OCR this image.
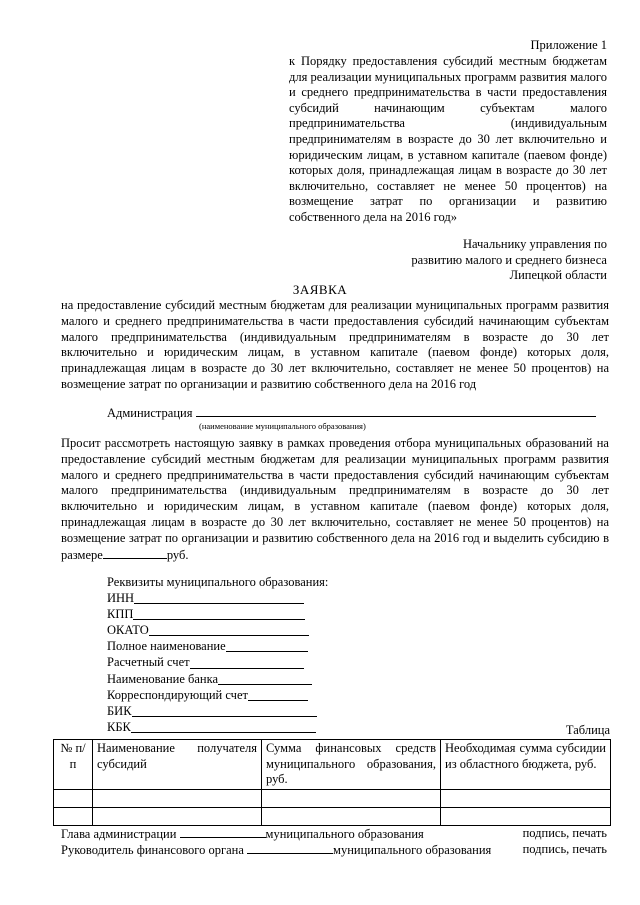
Приложение 1
к Порядку предоставления субсидий местным бюджетам для реализации муниципальных программ развития малого и среднего предпринимательства в части предоставления субсидий начинающим субъектам малого предпринимательства (индивидуальным предпринимателям в возрасте до 30 лет включительно и юридическим лицам, в уставном капитале (паевом фонде) которых доля, принадлежащая лицам в возрасте до 30 лет включительно, составляет не менее 50 процентов) на возмещение затрат по организации и развитию собственного дела на 2016 год»
Начальнику управления по
развитию малого и среднего бизнеса
Липецкой области
ЗАЯВКА
на предоставление субсидий местным бюджетам для реализации муниципальных программ развития малого и среднего предпринимательства в части предоставления субсидий начинающим субъектам малого предпринимательства (индивидуальным предпринимателям в возрасте до 30 лет включительно и юридическим лицам, в уставном капитале (паевом фонде) которых доля, принадлежащая лицам в возрасте до 30 лет включительно, составляет не менее 50 процентов) на возмещение затрат по организации и развитию собственного дела на 2016 год
Администрация
(наименование муниципального образования)
Просит рассмотреть настоящую заявку в рамках проведения отбора муниципальных образований на предоставление субсидий местным бюджетам для реализации муниципальных программ развития малого и среднего предпринимательства в части предоставления субсидий начинающим субъектам малого предпринимательства (индивидуальным предпринимателям в возрасте до 30 лет включительно и юридическим лицам, в уставном капитале (паевом фонде) которых доля, принадлежащая лицам в возрасте до 30 лет включительно, составляет не менее 50 процентов) на возмещение затрат по организации и развитию собственного дела на 2016 год и выделить субсидию в размере	руб.
Реквизиты муниципального образования:
ИНН
КПП
ОКАТО
Полное наименование
Расчетный счет
Наименование банка
Корреспондирующий счет
БИК
КБК	Таблица
№ п/п	Наименование получателя субсидий	Сумма финансовых средств муниципального образования, руб.	Необходимая сумма субсидии из областного бюджета, руб.

Глава администрации	муниципального образования	подпись, печать
Руководитель финансового органа	муниципального образования	подпись, печать
